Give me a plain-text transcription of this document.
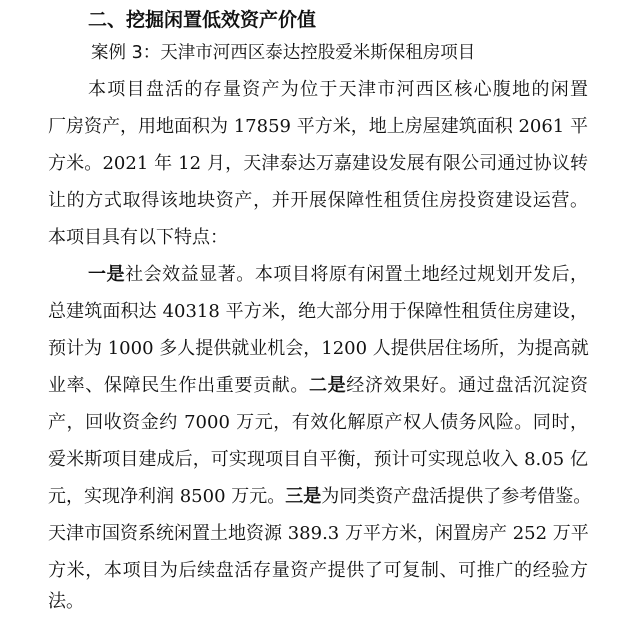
二、挖掘闲置低效资产价值
案例 3：天津市河西区泰达控股爱米斯保租房项目
本项目盘活的存量资产为位于天津市河西区核心腹地的闲置
厂房资产，用地面积为 17859 平方米，地上房屋建筑面积 2061 平
方米。2021 年 12 月，天津泰达万嘉建设发展有限公司通过协议转
让的方式取得该地块资产，并开展保障性租赁住房投资建设运营。
本项目具有以下特点：
一是社会效益显著。本项目将原有闲置土地经过规划开发后，
总建筑面积达 40318 平方米，绝大部分用于保障性租赁住房建设，
预计为 1000 多人提供就业机会，1200 人提供居住场所，为提高就
业率、保障民生作出重要贡献。二是经济效果好。通过盘活沉淀资
产，回收资金约 7000 万元，有效化解原产权人债务风险。同时，
爱米斯项目建成后，可实现项目自平衡，预计可实现总收入 8.05 亿
元，实现净利润 8500 万元。三是为同类资产盘活提供了参考借鉴。
天津市国资系统闲置土地资源 389.3 万平方米，闲置房产 252 万平
方米，本项目为后续盘活存量资产提供了可复制、可推广的经验方
法。
